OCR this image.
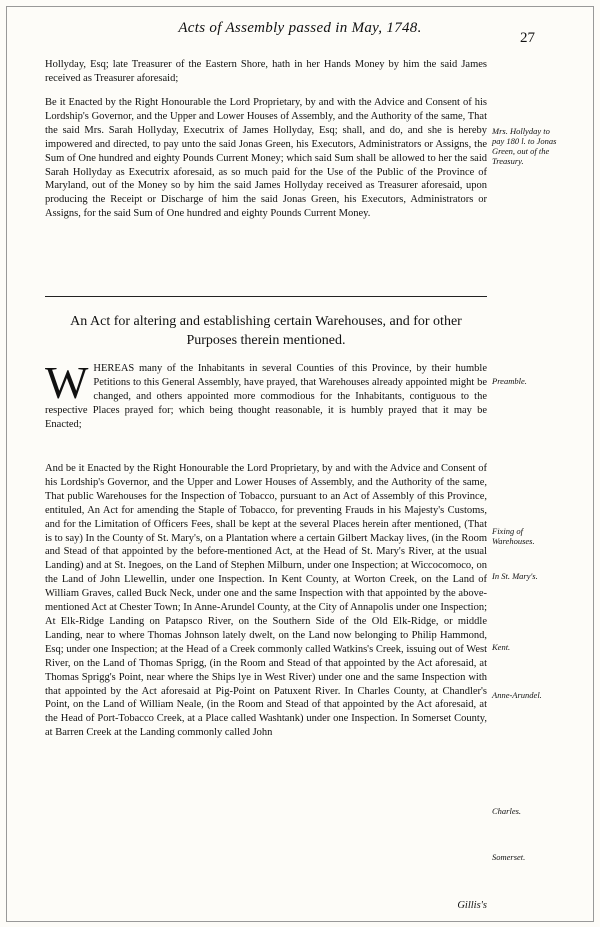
Acts of Assembly passed in May, 1748.
27

Hollyday, Esq; late Treasurer of the Eastern Shore, hath in her Hands Money by him the said James received as Treasurer aforesaid;

Be it Enacted by the Right Honourable the Lord Proprietary, by and with the Advice and Consent of his Lordship's Governor, and the Upper and Lower Houses of Assembly, and the Authority of the same, That the said Mrs. Sarah Hollyday, Executrix of James Hollyday, Esq; shall, and do, and she is hereby impowered and directed, to pay unto the said Jonas Green, his Executors, Administrators or Assigns, the Sum of One hundred and eighty Pounds Current Money; which said Sum shall be allowed to her the said Sarah Hollyday as Executrix aforesaid, as so much paid for the Use of the Public of the Province of Maryland, out of the Money so by him the said James Hollyday received as Treasurer aforesaid, upon producing the Receipt or Discharge of him the said Jonas Green, his Executors, Administrators or Assigns, for the said Sum of One hundred and eighty Pounds Current Money.

An Act for altering and establishing certain Warehouses, and for other Purposes therein mentioned.
W HEREAS many of the Inhabitants in several Counties of this Province, by their humble Petitions to this General Assembly, have prayed, that Warehouses already appointed might be changed, and others appointed more commodious for the Inhabitants, contiguous to the respective Places prayed for; which being thought reasonable, it is humbly prayed that it may be Enacted;

And be it Enacted by the Right Honourable the Lord Proprietary, by and with the Advice and Consent of his Lordship's Governor, and the Upper and Lower Houses of Assembly, and the Authority of the same, That public Warehouses for the Inspection of Tobacco, pursuant to an Act of Assembly of this Province, entituled, An Act for amending the Staple of Tobacco, for preventing Frauds in his Majesty's Customs, and for the Limitation of Officers Fees, shall be kept at the several Places herein after mentioned, (That is to say) In the County of St. Mary's, on a Plantation where a certain Gilbert Mackay lives, (in the Room and Stead of that appointed by the before-mentioned Act, at the Head of St. Mary's River, at the usual Landing) and at St. Inegoes, on the Land of Stephen Milburn, under one Inspection; at Wiccocomoco, on the Land of John Llewellin, under one Inspection. In Kent County, at Worton Creek, on the Land of William Graves, called Buck Neck, under one and the same Inspection with that appointed by the above-mentioned Act at Chester Town; In Anne-Arundel County, at the City of Annapolis under one Inspection; At Elk-Ridge Landing on Patapsco River, on the Southern Side of the Old Elk-Ridge, or middle Landing, near to where Thomas Johnson lately dwelt, on the Land now belonging to Philip Hammond, Esq; under one Inspection; at the Head of a Creek commonly called Watkins's Creek, issuing out of West River, on the Land of Thomas Sprigg, (in the Room and Stead of that appointed by the Act aforesaid, at Thomas Sprigg's Point, near where the Ships lye in West River) under one and the same Inspection with that appointed by the Act aforesaid at Pig-Point on Patuxent River. In Charles County, at Chandler's Point, on the Land of William Neale, (in the Room and Stead of that appointed by the Act aforesaid, at the Head of Port-Tobacco Creek, at a Place called Washtank) under one Inspection. In Somerset County, at Barren Creek at the Landing commonly called John

Mrs. Hollyday to pay 180 l. to Jonas Green, out of the Treasury.
Preamble.
Fixing of Warehouses.
In St. Mary's.
Kent.
Anne-Arundel.
Charles.
Somerset.
Gillis's
